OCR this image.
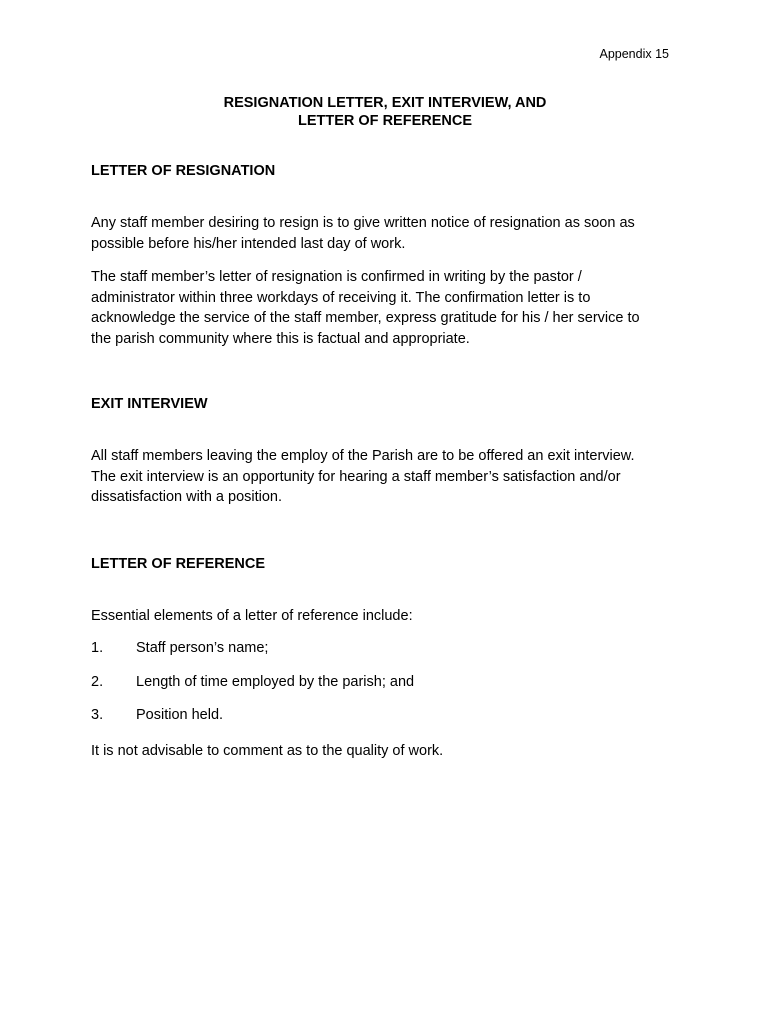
Appendix 15
RESIGNATION LETTER, EXIT INTERVIEW, AND
LETTER OF REFERENCE
LETTER OF RESIGNATION
Any staff member desiring to resign is to give written notice of resignation as soon as
possible before his/her intended last day of work.
The staff member’s letter of resignation is confirmed in writing by the pastor /
administrator within three workdays of receiving it. The confirmation letter is to
acknowledge the service of the staff member, express gratitude for his / her service to
the parish community where this is factual and appropriate.
EXIT INTERVIEW
All staff members leaving the employ of the Parish are to be offered an exit interview.
The exit interview is an opportunity for hearing a staff member’s satisfaction and/or
dissatisfaction with a position.
LETTER OF REFERENCE
Essential elements of a letter of reference include:
1. Staff person’s name;
2. Length of time employed by the parish; and
3. Position held.
It is not advisable to comment as to the quality of work.
